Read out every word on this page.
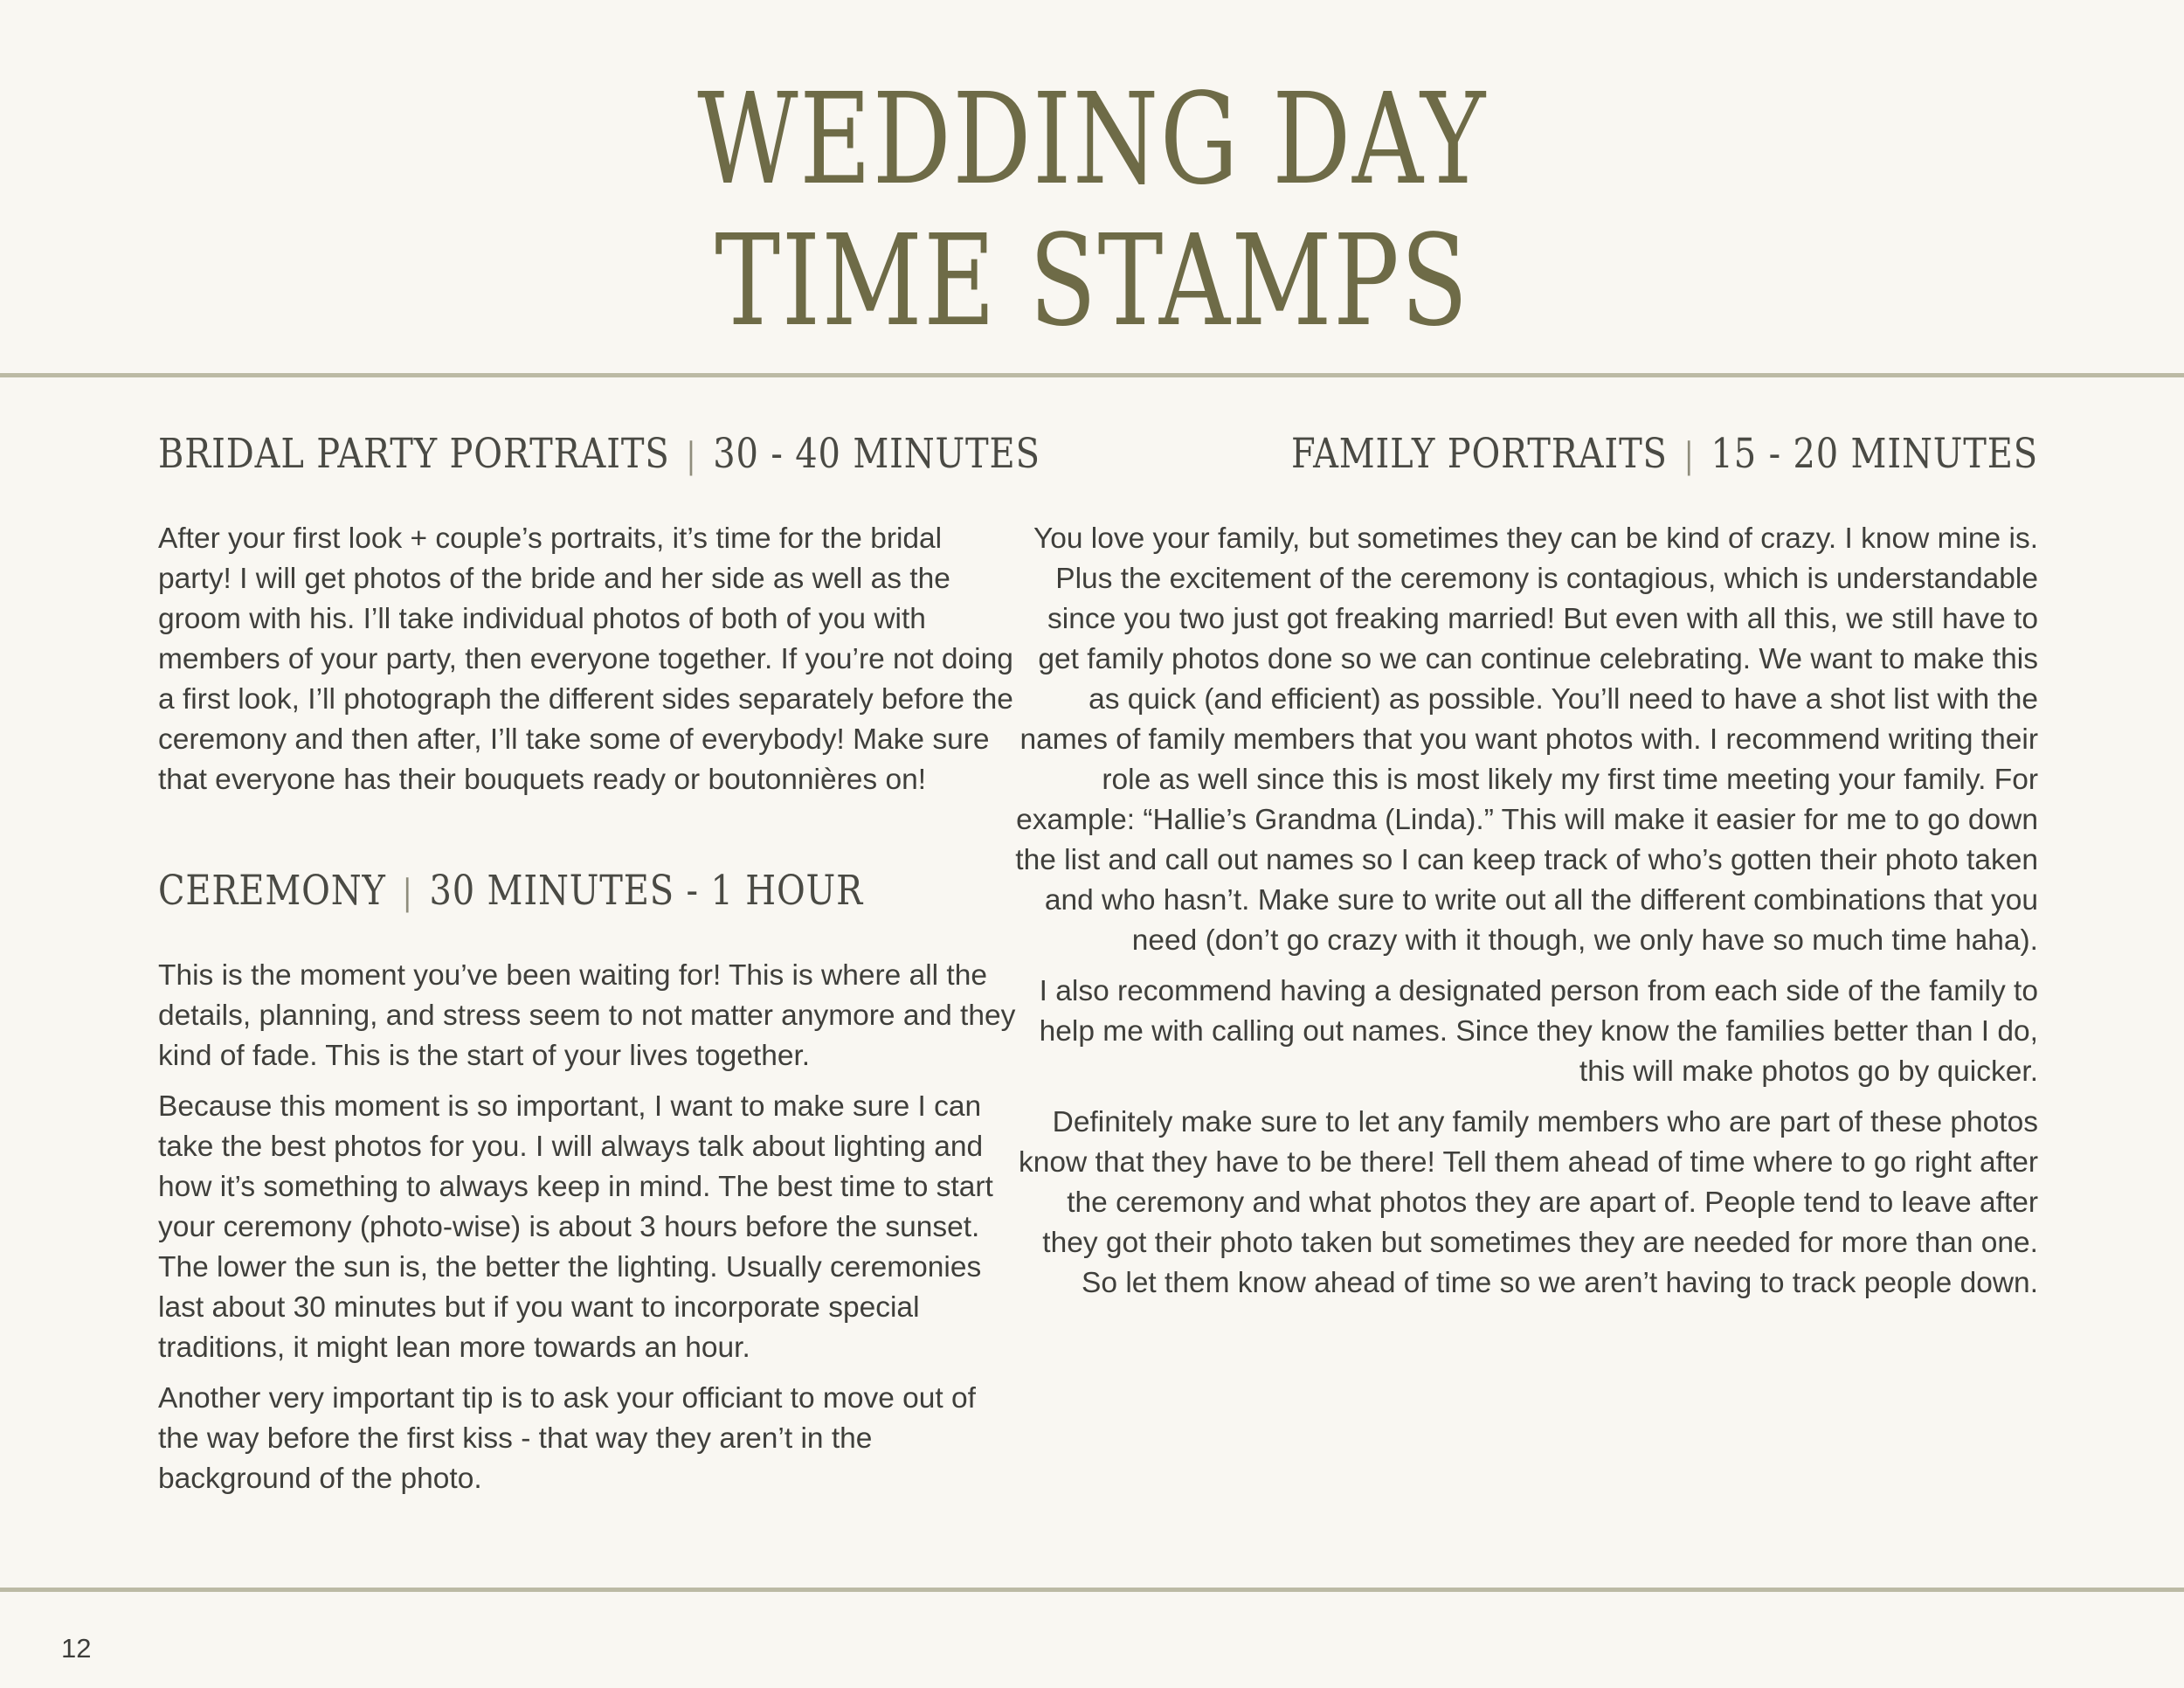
WEDDING DAY
TIME STAMPS
BRIDAL PARTY PORTRAITS | 30 - 40 MINUTES

After your first look + couple’s portraits, it’s time for the bridal party! I will get photos of the bride and her side as well as the groom with his. I’ll take individual photos of both of you with members of your party, then everyone together. If you’re not doing a first look, I’ll photograph the different sides separately before the ceremony and then after, I’ll take some of everybody! Make sure that everyone has their bouquets ready or boutonnières on!

CEREMONY | 30 MINUTES - 1 HOUR

This is the moment you’ve been waiting for! This is where all the details, planning, and stress seem to not matter anymore and they kind of fade. This is the start of your lives together.

Because this moment is so important, I want to make sure I can take the best photos for you. I will always talk about lighting and how it’s something to always keep in mind. The best time to start your ceremony (photo-wise) is about 3 hours before the sunset. The lower the sun is, the better the lighting. Usually ceremonies last about 30 minutes but if you want to incorporate special traditions, it might lean more towards an hour.

Another very important tip is to ask your officiant to move out of the way before the first kiss - that way they aren’t in the background of the photo.

FAMILY PORTRAITS | 15 - 20 MINUTES

You love your family, but sometimes they can be kind of crazy. I know mine is. Plus the excitement of the ceremony is contagious, which is understandable since you two just got freaking married! But even with all this, we still have to get family photos done so we can continue celebrating. We want to make this as quick (and efficient) as possible. You’ll need to have a shot list with the names of family members that you want photos with. I recommend writing their role as well since this is most likely my first time meeting your family. For example: “Hallie’s Grandma (Linda).” This will make it easier for me to go down the list and call out names so I can keep track of who’s gotten their photo taken and who hasn’t. Make sure to write out all the different combinations that you need (don’t go crazy with it though, we only have so much time haha).

I also recommend having a designated person from each side of the family to help me with calling out names. Since they know the families better than I do, this will make photos go by quicker.

Definitely make sure to let any family members who are part of these photos know that they have to be there! Tell them ahead of time where to go right after the ceremony and what photos they are apart of. People tend to leave after they got their photo taken but sometimes they are needed for more than one. So let them know ahead of time so we aren’t having to track people down.

12
